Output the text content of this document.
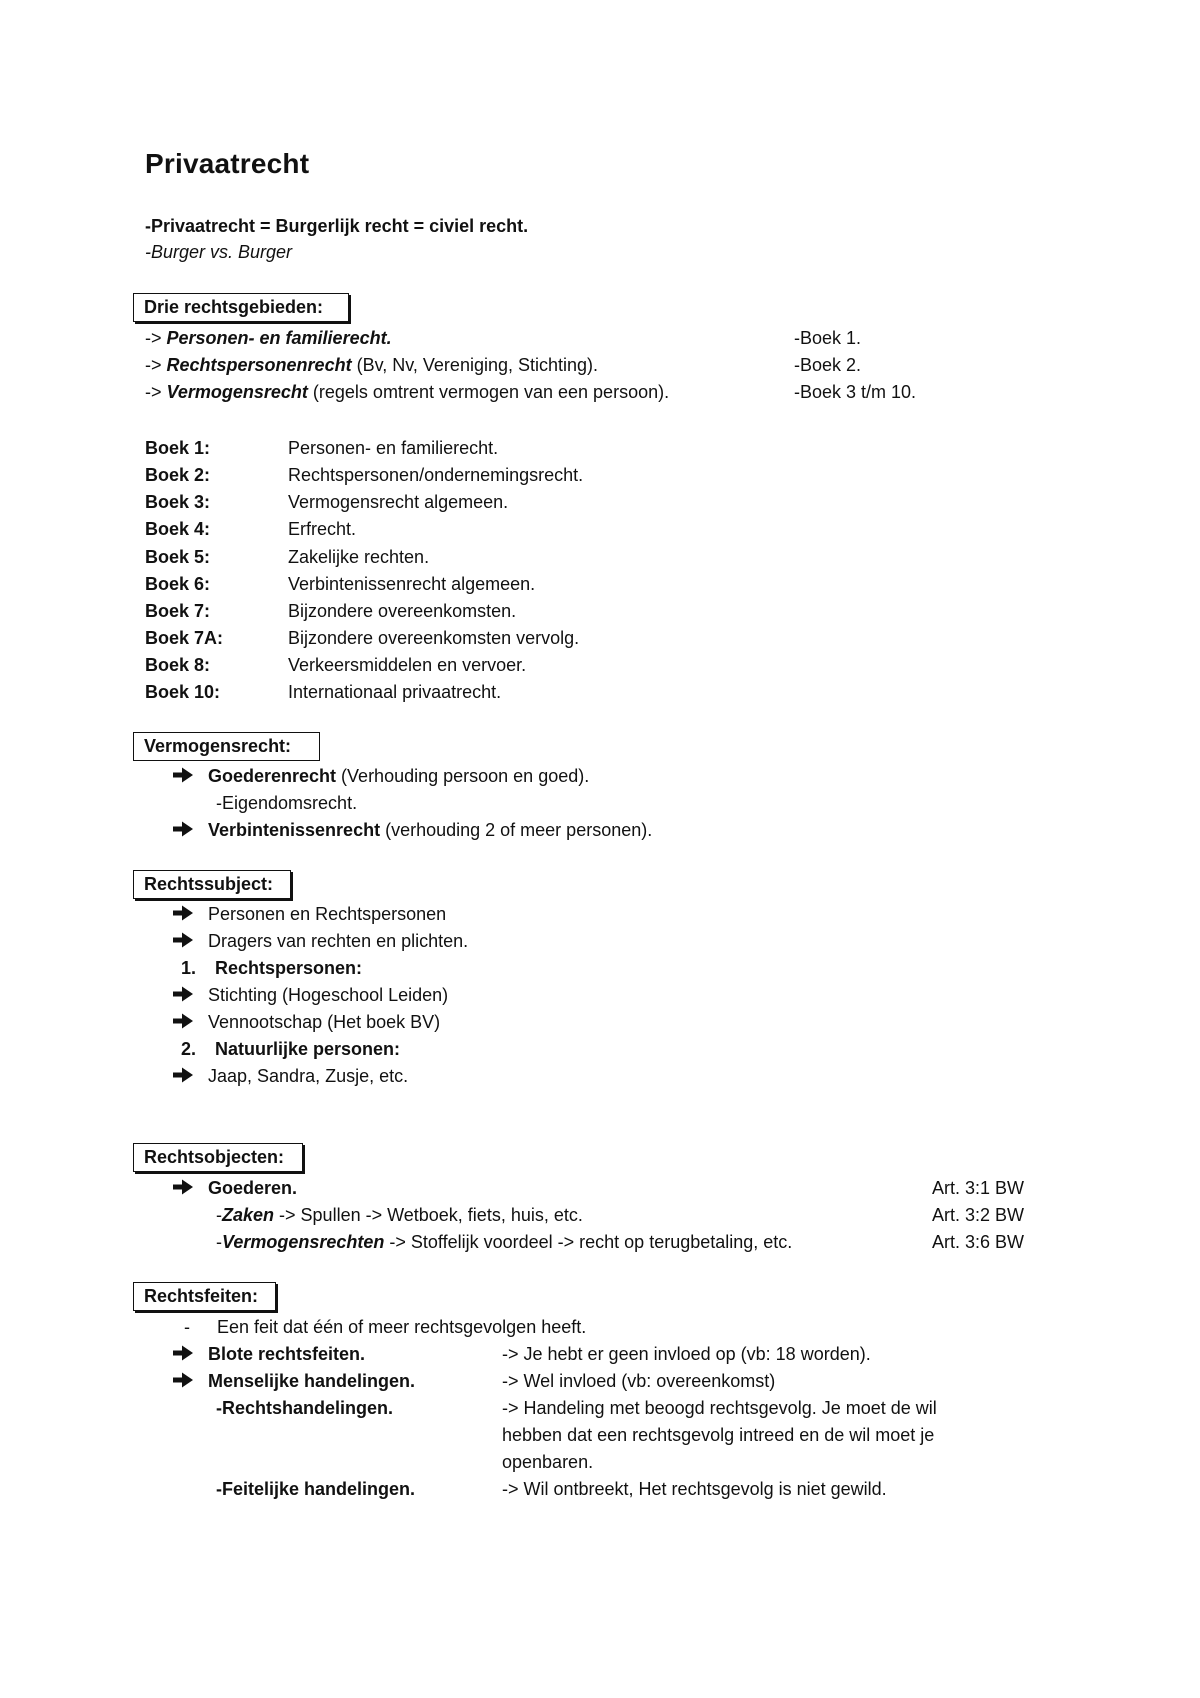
Privaatrecht
-Privaatrecht = Burgerlijk recht = civiel recht.
-Burger vs. Burger
Drie rechtsgebieden:
-> Personen- en familierecht.	-Boek 1.
-> Rechtspersonenrecht (Bv, Nv, Vereniging, Stichting).	-Boek 2.
-> Vermogensrecht (regels omtrent vermogen van een persoon).	-Boek 3 t/m 10.
Boek 1:	Personen- en familierecht.
Boek 2:	Rechtspersonen/ondernemingsrecht.
Boek 3:	Vermogensrecht algemeen.
Boek 4:	Erfrecht.
Boek 5:	Zakelijke rechten.
Boek 6:	Verbintenissenrecht algemeen.
Boek 7:	Bijzondere overeenkomsten.
Boek 7A:	Bijzondere overeenkomsten vervolg.
Boek 8:	Verkeersmiddelen en vervoer.
Boek 10:	Internationaal privaatrecht.
Vermogensrecht:
Goederenrecht (Verhouding persoon en goed).
-Eigendomsrecht.
Verbintenissenrecht (verhouding 2 of meer personen).
Rechtssubject:
Personen en Rechtspersonen
Dragers van rechten en plichten.
1. Rechtspersonen:
Stichting (Hogeschool Leiden)
Vennootschap (Het boek BV)
2. Natuurlijke personen:
Jaap, Sandra, Zusje, etc.
Rechtsobjecten:
Goederen.	Art. 3:1 BW
-Zaken -> Spullen -> Wetboek, fiets, huis, etc.	Art. 3:2 BW
-Vermogensrechten -> Stoffelijk voordeel -> recht op terugbetaling, etc.	Art. 3:6 BW
Rechtsfeiten:
- Een feit dat één of meer rechtsgevolgen heeft.
Blote rechtsfeiten.	-> Je hebt er geen invloed op (vb: 18 worden).
Menselijke handelingen.	-> Wel invloed (vb: overeenkomst)
-Rechtshandelingen.	-> Handeling met beoogd rechtsgevolg. Je moet de wil
hebben dat een rechtsgevolg intreed en de wil moet je
openbaren.
-Feitelijke handelingen.	-> Wil ontbreekt, Het rechtsgevolg is niet gewild.
